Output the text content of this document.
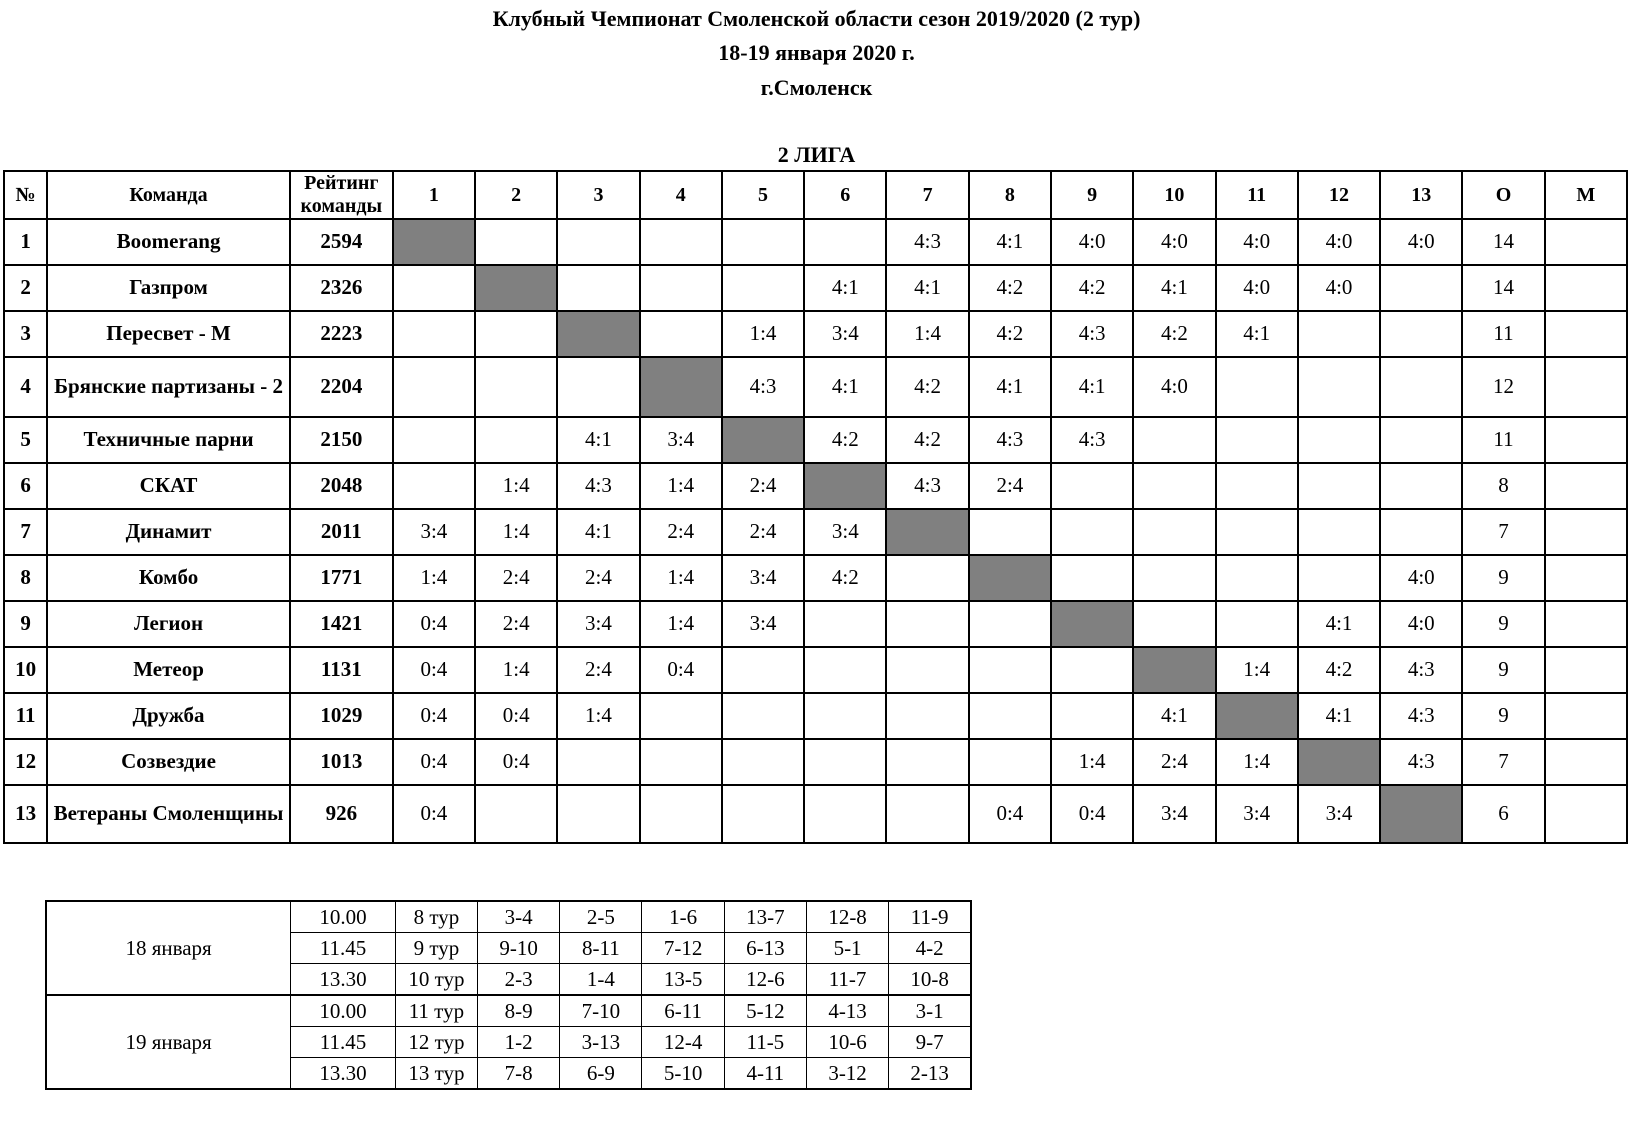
Клубный Чемпионат Смоленской области сезон 2019/2020 (2 тур)
18-19 января 2020 г.
г.Смоленск
2 ЛИГА
№	Команда	Рейтинг команды	1	2	3	4	5	6	7	8	9	10	11	12	13	О	М
1	Boomerang	2594							4:3	4:1	4:0	4:0	4:0	4:0	4:0	14	
2	Газпром	2326						4:1	4:1	4:2	4:2	4:1	4:0	4:0		14	
3	Пересвет - М	2223					1:4	3:4	1:4	4:2	4:3	4:2	4:1			11	
4	Брянские партизаны - 2	2204					4:3	4:1	4:2	4:1	4:1	4:0				12	
5	Техничные парни	2150			4:1	3:4		4:2	4:2	4:3	4:3					11	
6	СКАТ	2048		1:4	4:3	1:4	2:4		4:3	2:4						8	
7	Динамит	2011	3:4	1:4	4:1	2:4	2:4	3:4								7	
8	Комбо	1771	1:4	2:4	2:4	1:4	3:4	4:2							4:0	9	
9	Легион	1421	0:4	2:4	3:4	1:4	3:4							4:1	4:0	9	
10	Метеор	1131	0:4	1:4	2:4	0:4							1:4	4:2	4:3	9	
11	Дружба	1029	0:4	0:4	1:4							4:1		4:1	4:3	9	
12	Созвездие	1013	0:4	0:4							1:4	2:4	1:4		4:3	7	
13	Ветераны Смоленщины	926	0:4							0:4	0:4	3:4	3:4	3:4		6	
18 января	10.00	8 тур	3-4	2-5	1-6	13-7	12-8	11-9
	11.45	9 тур	9-10	8-11	7-12	6-13	5-1	4-2
	13.30	10 тур	2-3	1-4	13-5	12-6	11-7	10-8
19 января	10.00	11 тур	8-9	7-10	6-11	5-12	4-13	3-1
	11.45	12 тур	1-2	3-13	12-4	11-5	10-6	9-7
	13.30	13 тур	7-8	6-9	5-10	4-11	3-12	2-13
